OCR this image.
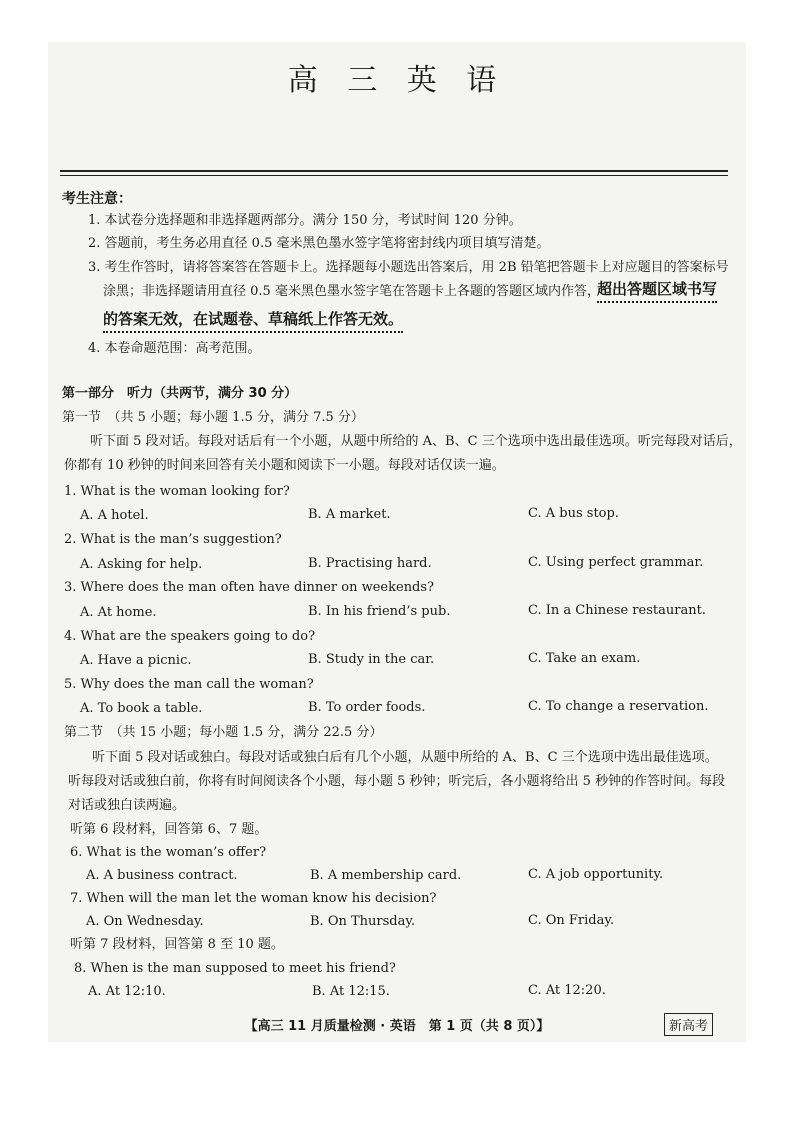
高 三 英 语
考生注意：
1. 本试卷分选择题和非选择题两部分。满分 150 分，考试时间 120 分钟。
2. 答题前，考生务必用直径 0.5 毫米黑色墨水签字笔将密封线内项目填写清楚。
3. 考生作答时，请将答案答在答题卡上。选择题每小题选出答案后，用 2B 铅笔把答题卡上对应题目的答案标号
涂黑；非选择题请用直径 0.5 毫米黑色墨水签字笔在答题卡上各题的答题区域内作答，
超出答题区域书写
的答案无效，在试题卷、草稿纸上作答无效。
4. 本卷命题范围：高考范围。
第一部分　听力（共两节，满分 30 分）
第一节　（共 5 小题；每小题 1.5 分，满分 7.5 分）
听下面 5 段对话。每段对话后有一个小题，从题中所给的 A、B、C 三个选项中选出最佳选项。听完每段对话后，
你都有 10 秒钟的时间来回答有关小题和阅读下一小题。每段对话仅读一遍。
1. What is the woman looking for?
A. A hotel.	B. A market.	C. A bus stop.
2. What is the man’s suggestion?
A. Asking for help.	B. Practising hard.	C. Using perfect grammar.
3. Where does the man often have dinner on weekends?
A. At home.	B. In his friend’s pub.	C. In a Chinese restaurant.
4. What are the speakers going to do?
A. Have a picnic.	B. Study in the car.	C. Take an exam.
5. Why does the man call the woman?
A. To book a table.	B. To order foods.	C. To change a reservation.
第二节　（共 15 小题；每小题 1.5 分，满分 22.5 分）
听下面 5 段对话或独白。每段对话或独白后有几个小题，从题中所给的 A、B、C 三个选项中选出最佳选项。
听每段对话或独白前，你将有时间阅读各个小题，每小题 5 秒钟；听完后，各小题将给出 5 秒钟的作答时间。每段
对话或独白读两遍。
听第 6 段材料，回答第 6、7 题。
6. What is the woman’s offer?
A. A business contract.	B. A membership card.	C. A job opportunity.
7. When will the man let the woman know his decision?
A. On Wednesday.	B. On Thursday.	C. On Friday.
听第 7 段材料，回答第 8 至 10 题。
8. When is the man supposed to meet his friend?
A. At 12:10.	B. At 12:15.	C. At 12:20.
【高三 11 月质量检测 · 英语　第 1 页（共 8 页）】	新高考
